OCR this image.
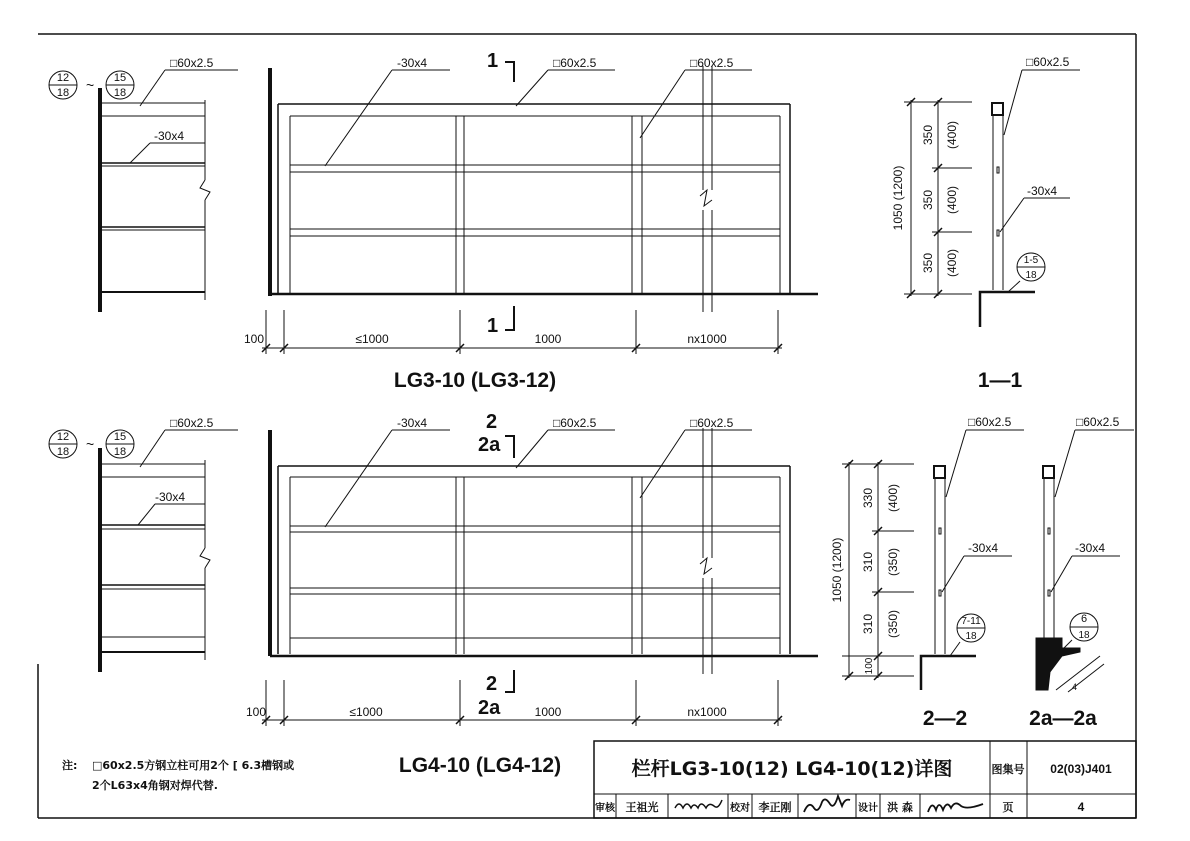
12
18 ~ 15
18
□60x2.5
-30x4
-30x4	□60x2.5	□60x2.5
1
1
100	≤1000	1000	nx1000
LG3-10 (LG3-12)
□60x2.5
-30x4
1-5
18
1050 (1200)
350 (400)
350 (400)
350 (400)
1—1
12
18 ~ 15
18
□60x2.5
-30x4
-30x4	□60x2.5	□60x2.5
2
2a
2
2a
100	≤1000	1000	nx1000
LG4-10 (LG4-12)
□60x2.5
-30x4
7-11
18
1050 (1200)
330 (400)
310 (350)
310 (350)
100
2—2
4
□60x2.5
-30x4
6
18
2a—2a
注: □60x2.5方钢立柱可用2个 [ 6.3槽钢或
2个L63x4角钢对焊代替.
栏杆LG3-10(12) LG4-10(12)详图	图集号 02(03)J401
页	4
审核 王祖光	校对 李正刚	设计 洪 森
